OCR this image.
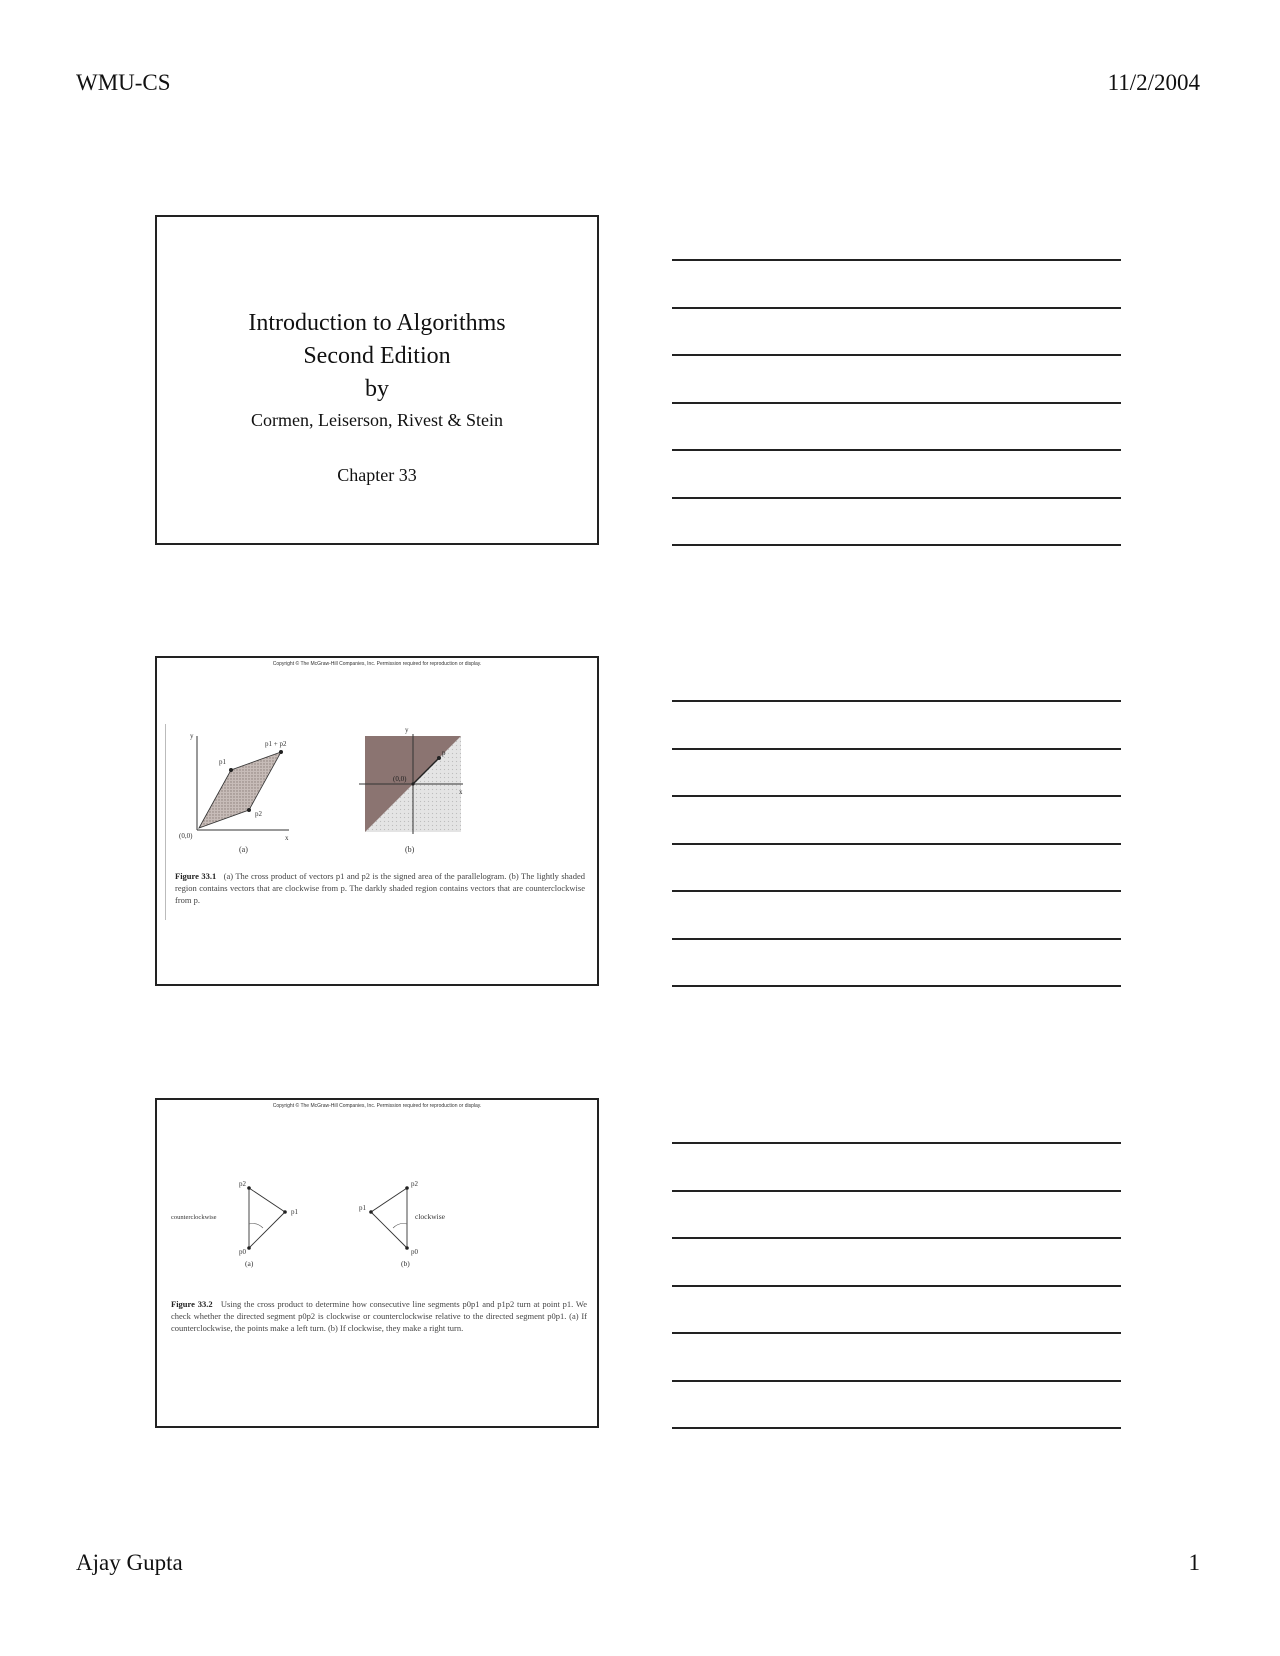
WMU-CS	11/2/2004
Introduction to Algorithms
Second Edition
by
Cormen, Leiserson, Rivest & Stein
Chapter 33
Copyright © The McGraw-Hill Companies, Inc. Permission required for reproduction or display.
y
x
(0,0)
p1
p2
p1 + p2
(a)
y
x
(0,0)
p
(b)
Figure 33.1 (a) The cross product of vectors p1 and p2 is the signed area of the parallelogram. (b) The lightly shaded region contains vectors that are clockwise from p. The darkly shaded region contains vectors that are counterclockwise from p.
Copyright © The McGraw-Hill Companies, Inc. Permission required for reproduction or display.
p2
p1
p0
counterclockwise
(a)
p2
p1
p0
clockwise
(b)
Figure 33.2 Using the cross product to determine how consecutive line segments p0p1 and p1p2 turn at point p1. We check whether the directed segment p0p2 is clockwise or counterclockwise relative to the directed segment p0p1. (a) If counterclockwise, the points make a left turn. (b) If clockwise, they make a right turn.
Ajay Gupta	1
